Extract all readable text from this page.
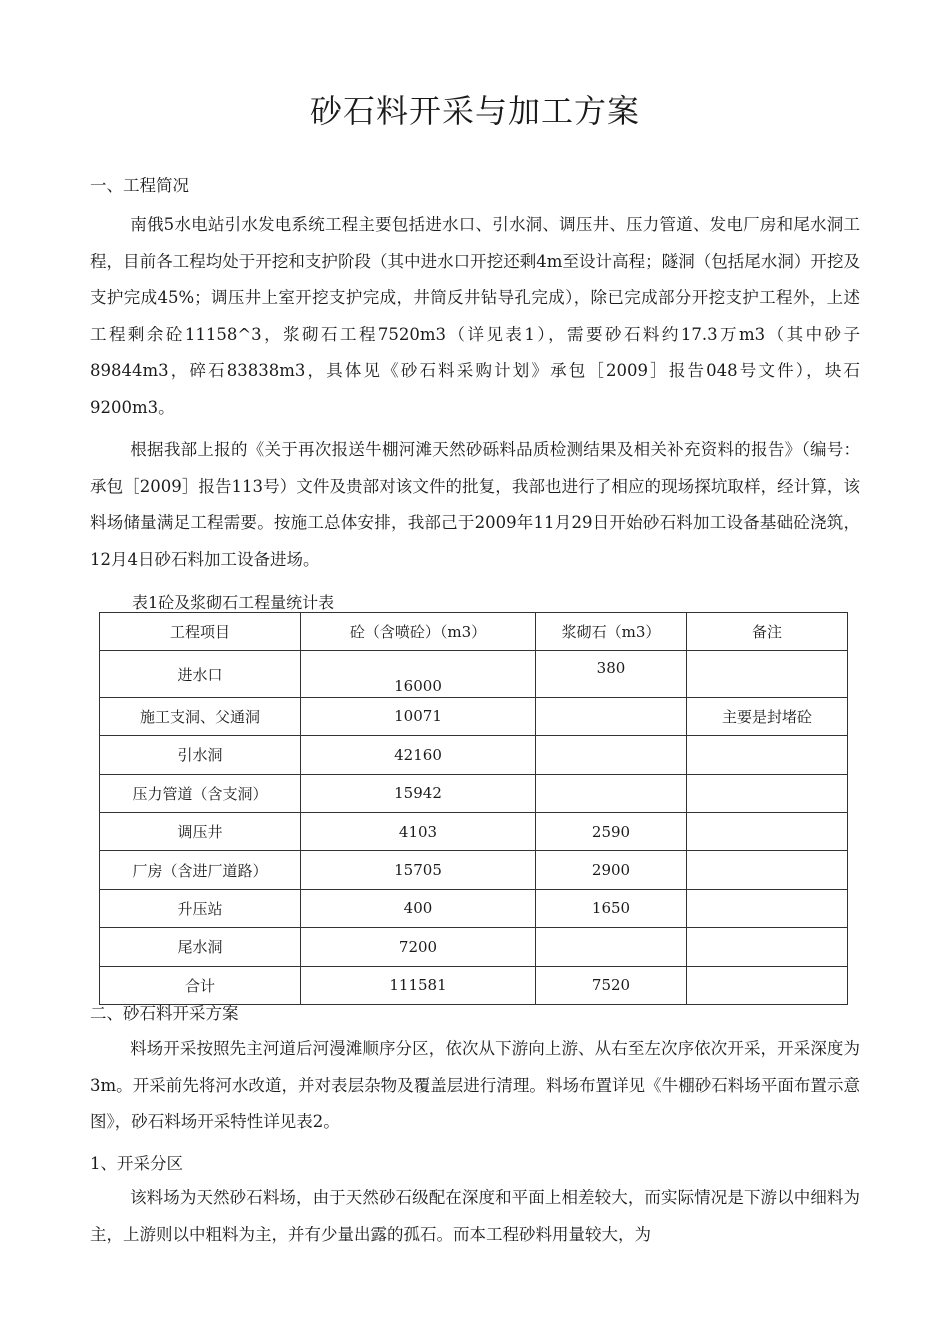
砂石料开采与加工方案
一、工程简况
南俄5水电站引水发电系统工程主要包括进水口、引水洞、调压井、压力管道、发电厂房和尾水洞工程，目前各工程均处于开挖和支护阶段（其中进水口开挖还剩4m至设计高程；隧洞（包括尾水洞）开挖及支护完成45%；调压井上室开挖支护完成，井筒反井钻导孔完成），除已完成部分开挖支护工程外，上述工程剩余砼11158^3，浆砌石工程7520m3（详见表1），需要砂石料约17.3万m3（其中砂子89844m3，碎石83838m3，具体见《砂石料采购计划》承包［2009］报告048号文件），块石9200m3。
根据我部上报的《关于再次报送牛棚河滩天然砂砾料品质检测结果及相关补充资料的报告》（编号：承包［2009］报告113号）文件及贵部对该文件的批复，我部也进行了相应的现场探坑取样，经计算，该料场储量满足工程需要。按施工总体安排，我部己于2009年11月29日开始砂石料加工设备基础砼浇筑，12月4日砂石料加工设备进场。
表1砼及浆砌石工程量统计表
工程项目	砼（含喷砼）（m3）	浆砌石（m3）	备注
进水口	16000	380	
施工支洞、父通洞	10071		主要是封堵砼
引水洞	42160		
压力管道（含支洞）	15942		
调压井	4103	2590	
厂房（含进厂道路）	15705	2900	
升压站	400	1650	
尾水洞	7200		
合计	111581	7520	
二、砂石料开采方案
料场开采按照先主河道后河漫滩顺序分区，依次从下游向上游、从右至左次序依次开采，开采深度为3m。开采前先将河水改道，并对表层杂物及覆盖层进行清理。料场布置详见《牛棚砂石料场平面布置示意图》，砂石料场开采特性详见表2。
1、开采分区
该料场为天然砂石料场，由于天然砂石级配在深度和平面上相差较大，而实际情况是下游以中细料为主，上游则以中粗料为主，并有少量出露的孤石。而本工程砂料用量较大，为
